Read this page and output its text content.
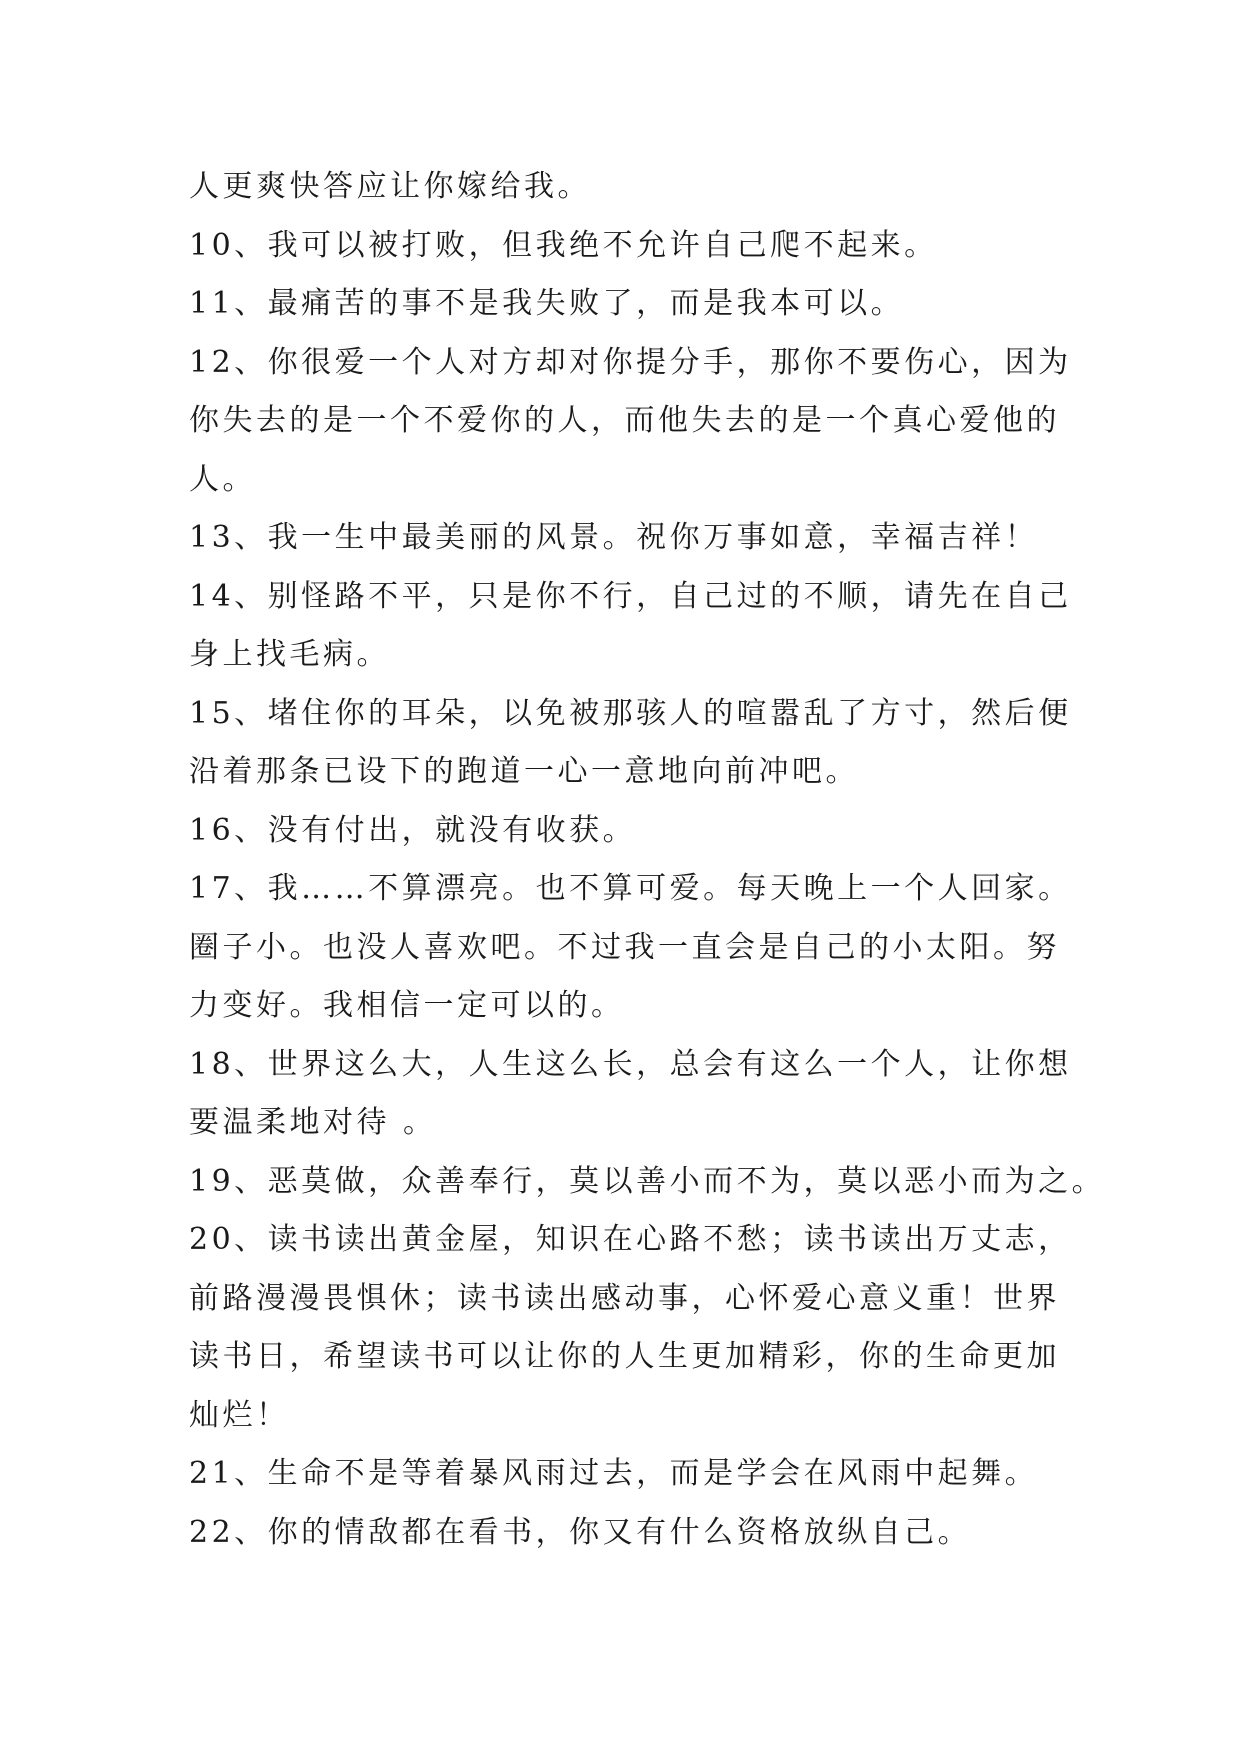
人更爽快答应让你嫁给我。
10、我可以被打败，但我绝不允许自己爬不起来。
11、最痛苦的事不是我失败了，而是我本可以。
12、你很爱一个人对方却对你提分手，那你不要伤心，因为
你失去的是一个不爱你的人，而他失去的是一个真心爱他的
人。
13、我一生中最美丽的风景。祝你万事如意，幸福吉祥！
14、别怪路不平，只是你不行，自己过的不顺，请先在自己
身上找毛病。
15、堵住你的耳朵，以免被那骇人的喧嚣乱了方寸，然后便
沿着那条已设下的跑道一心一意地向前冲吧。
16、没有付出，就没有收获。
17、我……不算漂亮。也不算可爱。每天晚上一个人回家。
圈子小。也没人喜欢吧。不过我一直会是自己的小太阳。努
力变好。我相信一定可以的。
18、世界这么大，人生这么长，总会有这么一个人，让你想
要温柔地对待 。
19、恶莫做，众善奉行，莫以善小而不为，莫以恶小而为之。
20、读书读出黄金屋，知识在心路不愁；读书读出万丈志，
前路漫漫畏惧休；读书读出感动事，心怀爱心意义重！世界
读书日，希望读书可以让你的人生更加精彩，你的生命更加
灿烂！
21、生命不是等着暴风雨过去，而是学会在风雨中起舞。
22、你的情敌都在看书，你又有什么资格放纵自己。
